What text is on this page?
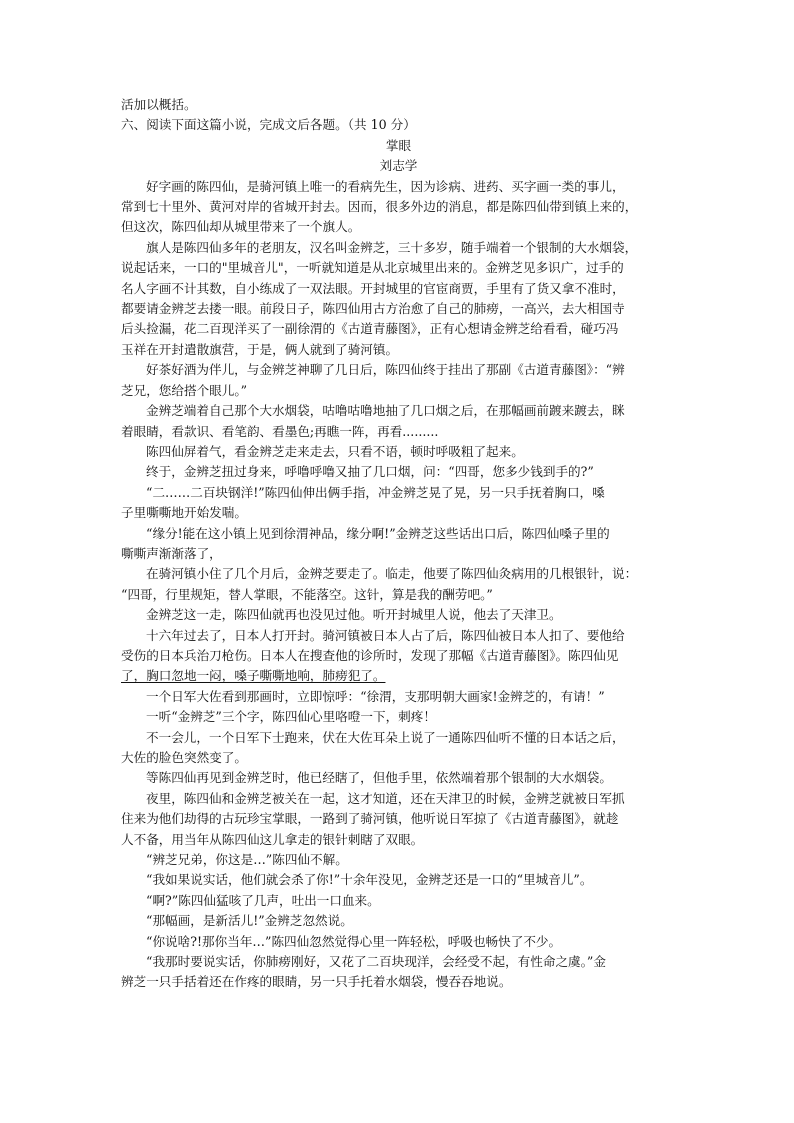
活加以概括。

六、阅读下面这篇小说，完成文后各题。（共 10 分）

掌眼

刘志学

好字画的陈四仙，是骑河镇上唯一的看病先生，因为诊病、进药、买字画一类的事儿，
常到七十里外、黄河对岸的省城开封去。因而，很多外边的消息，都是陈四仙带到镇上来的，
但这次，陈四仙却从城里带来了一个旗人。

旗人是陈四仙多年的老朋友，汉名叫金辨芝，三十多岁，随手端着一个银制的大水烟袋，
说起话来，一口的"里城音儿"，一听就知道是从北京城里出来的。金辨芝见多识广，过手的
名人字画不计其数，自小练成了一双法眼。开封城里的官宦商贾，手里有了货又拿不准时，
都要请金辨芝去搂一眼。前段日子，陈四仙用古方治愈了自己的肺痨，一高兴，去大相国寺
后头捡漏，花二百现洋买了一副徐渭的《古道青藤图》，正有心想请金辨芝给看看，碰巧冯
玉祥在开封遣散旗营，于是，俩人就到了骑河镇。

好茶好酒为伴儿，与金辨芝神聊了几日后，陈四仙终于挂出了那副《古道青藤图》：“辨
芝兄，您给搭个眼儿。”

金辨芝端着自己那个大水烟袋，咕噜咕噜地抽了几口烟之后，在那幅画前踱来踱去，眯
着眼睛，看款识、看笔韵、看墨色;再瞧一阵，再看.........

陈四仙屏着气，看金辨芝走来走去，只看不语，顿时呼吸粗了起来。

终于，金辨芝扭过身来，呼噜呼噜又抽了几口烟，问：“四哥，您多少钱到手的?”

“二……二百块钢洋!”陈四仙伸出俩手指，冲金辨芝晃了晃，另一只手抚着胸口，嗓
子里嘶嘶地开始发喘。

“缘分!能在这小镇上见到徐渭神品，缘分啊!”金辨芝这些话出口后，陈四仙嗓子里的
嘶嘶声渐渐落了，

在骑河镇小住了几个月后，金辨芝要走了。临走，他要了陈四仙灸病用的几根银针，说：
“四哥，行里规矩，替人掌眼，不能落空。这针，算是我的酬劳吧。”

金辨芝这一走，陈四仙就再也没见过他。听开封城里人说，他去了天津卫。

十六年过去了，日本人打开封。骑河镇被日本人占了后，陈四仙被日本人扣了、要他给
受伤的日本兵治刀枪伤。日本人在搜查他的诊所时，发现了那幅《古道青藤图》。陈四仙见
了，胸口忽地一闷，嗓子嘶嘶地响，肺痨犯了。

一个日军大佐看到那画时，立即惊呼：“徐渭，支那明朝大画家!金辨芝的，有请！”

一听“金辨芝”三个字，陈四仙心里咯噔一下，刺疼！

不一会儿，一个日军下士跑来，伏在大佐耳朵上说了一通陈四仙听不懂的日本话之后，
大佐的脸色突然变了。

等陈四仙再见到金辨芝时，他已经瞎了，但他手里，依然端着那个银制的大水烟袋。

夜里，陈四仙和金辨芝被关在一起，这才知道，还在天津卫的时候，金辨芝就被日军抓
住来为他们劫得的古玩珍宝掌眼，一路到了骑河镇，他听说日军掠了《古道青藤图》，就趁
人不备，用当年从陈四仙这儿拿走的银针刺瞎了双眼。

“辨芝兄弟，你这是…”陈四仙不解。

“我如果说实话，他们就会杀了你!”十余年没见，金辨芝还是一口的“里城音儿”。

“啊?”陈四仙猛咳了几声，吐出一口血来。

“那幅画，是新活儿!”金辨芝忽然说。

“你说啥?!那你当年…”陈四仙忽然觉得心里一阵轻松，呼吸也畅快了不少。

“我那时要说实话，你肺痨刚好，又花了二百块现洋，会经受不起，有性命之虞。”金
辨芝一只手括着还在作疼的眼睛，另一只手托着水烟袋，慢吞吞地说。
